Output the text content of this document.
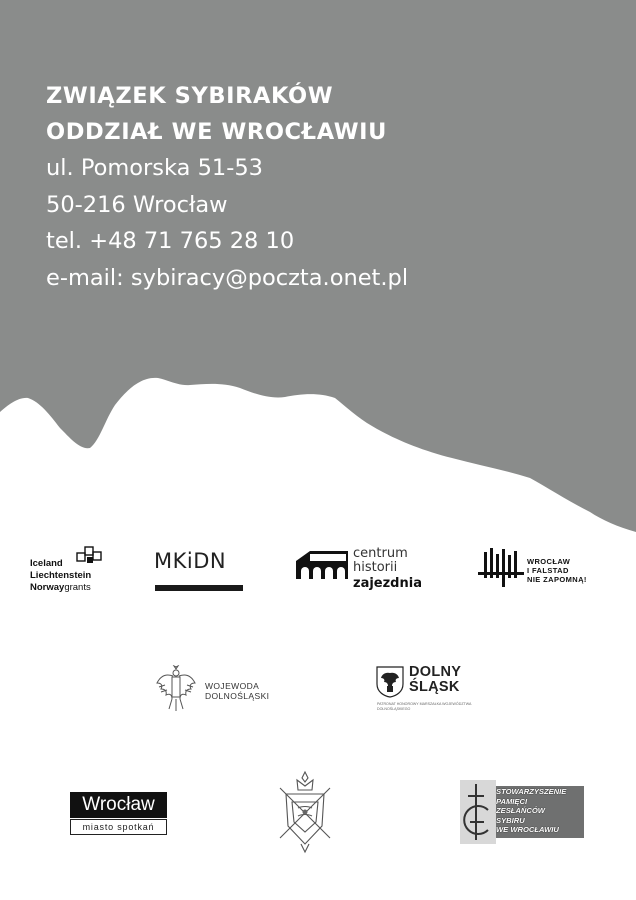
ZWIĄZEK SYBIRAKÓW
ODDZIAŁ WE WROCŁAWIU
ul. Pomorska 51-53
50-216 Wrocław
tel. +48 71 765 28 10
e-mail: sybiracy@poczta.onet.pl
Iceland
Liechtenstein
Norwaygrants
MKiDN	centrum
historii
zajezdnia
WROCŁAW
I FALSTAD
NIE ZAPOMNĄ!
WOJEWODA
DOLNOŚLĄSKI
DOLNY
ŚLĄSK
PATRONAT HONOROWY MARSZAŁKA WOJEWÓDZTWA
DOLNOŚLĄSKIEGO
Wrocław
miasto spotkań
STOWARZYSZENIE
PAMIĘCI
ZESŁAŃCÓW
SYBIRU
WE WROCŁAWIU
